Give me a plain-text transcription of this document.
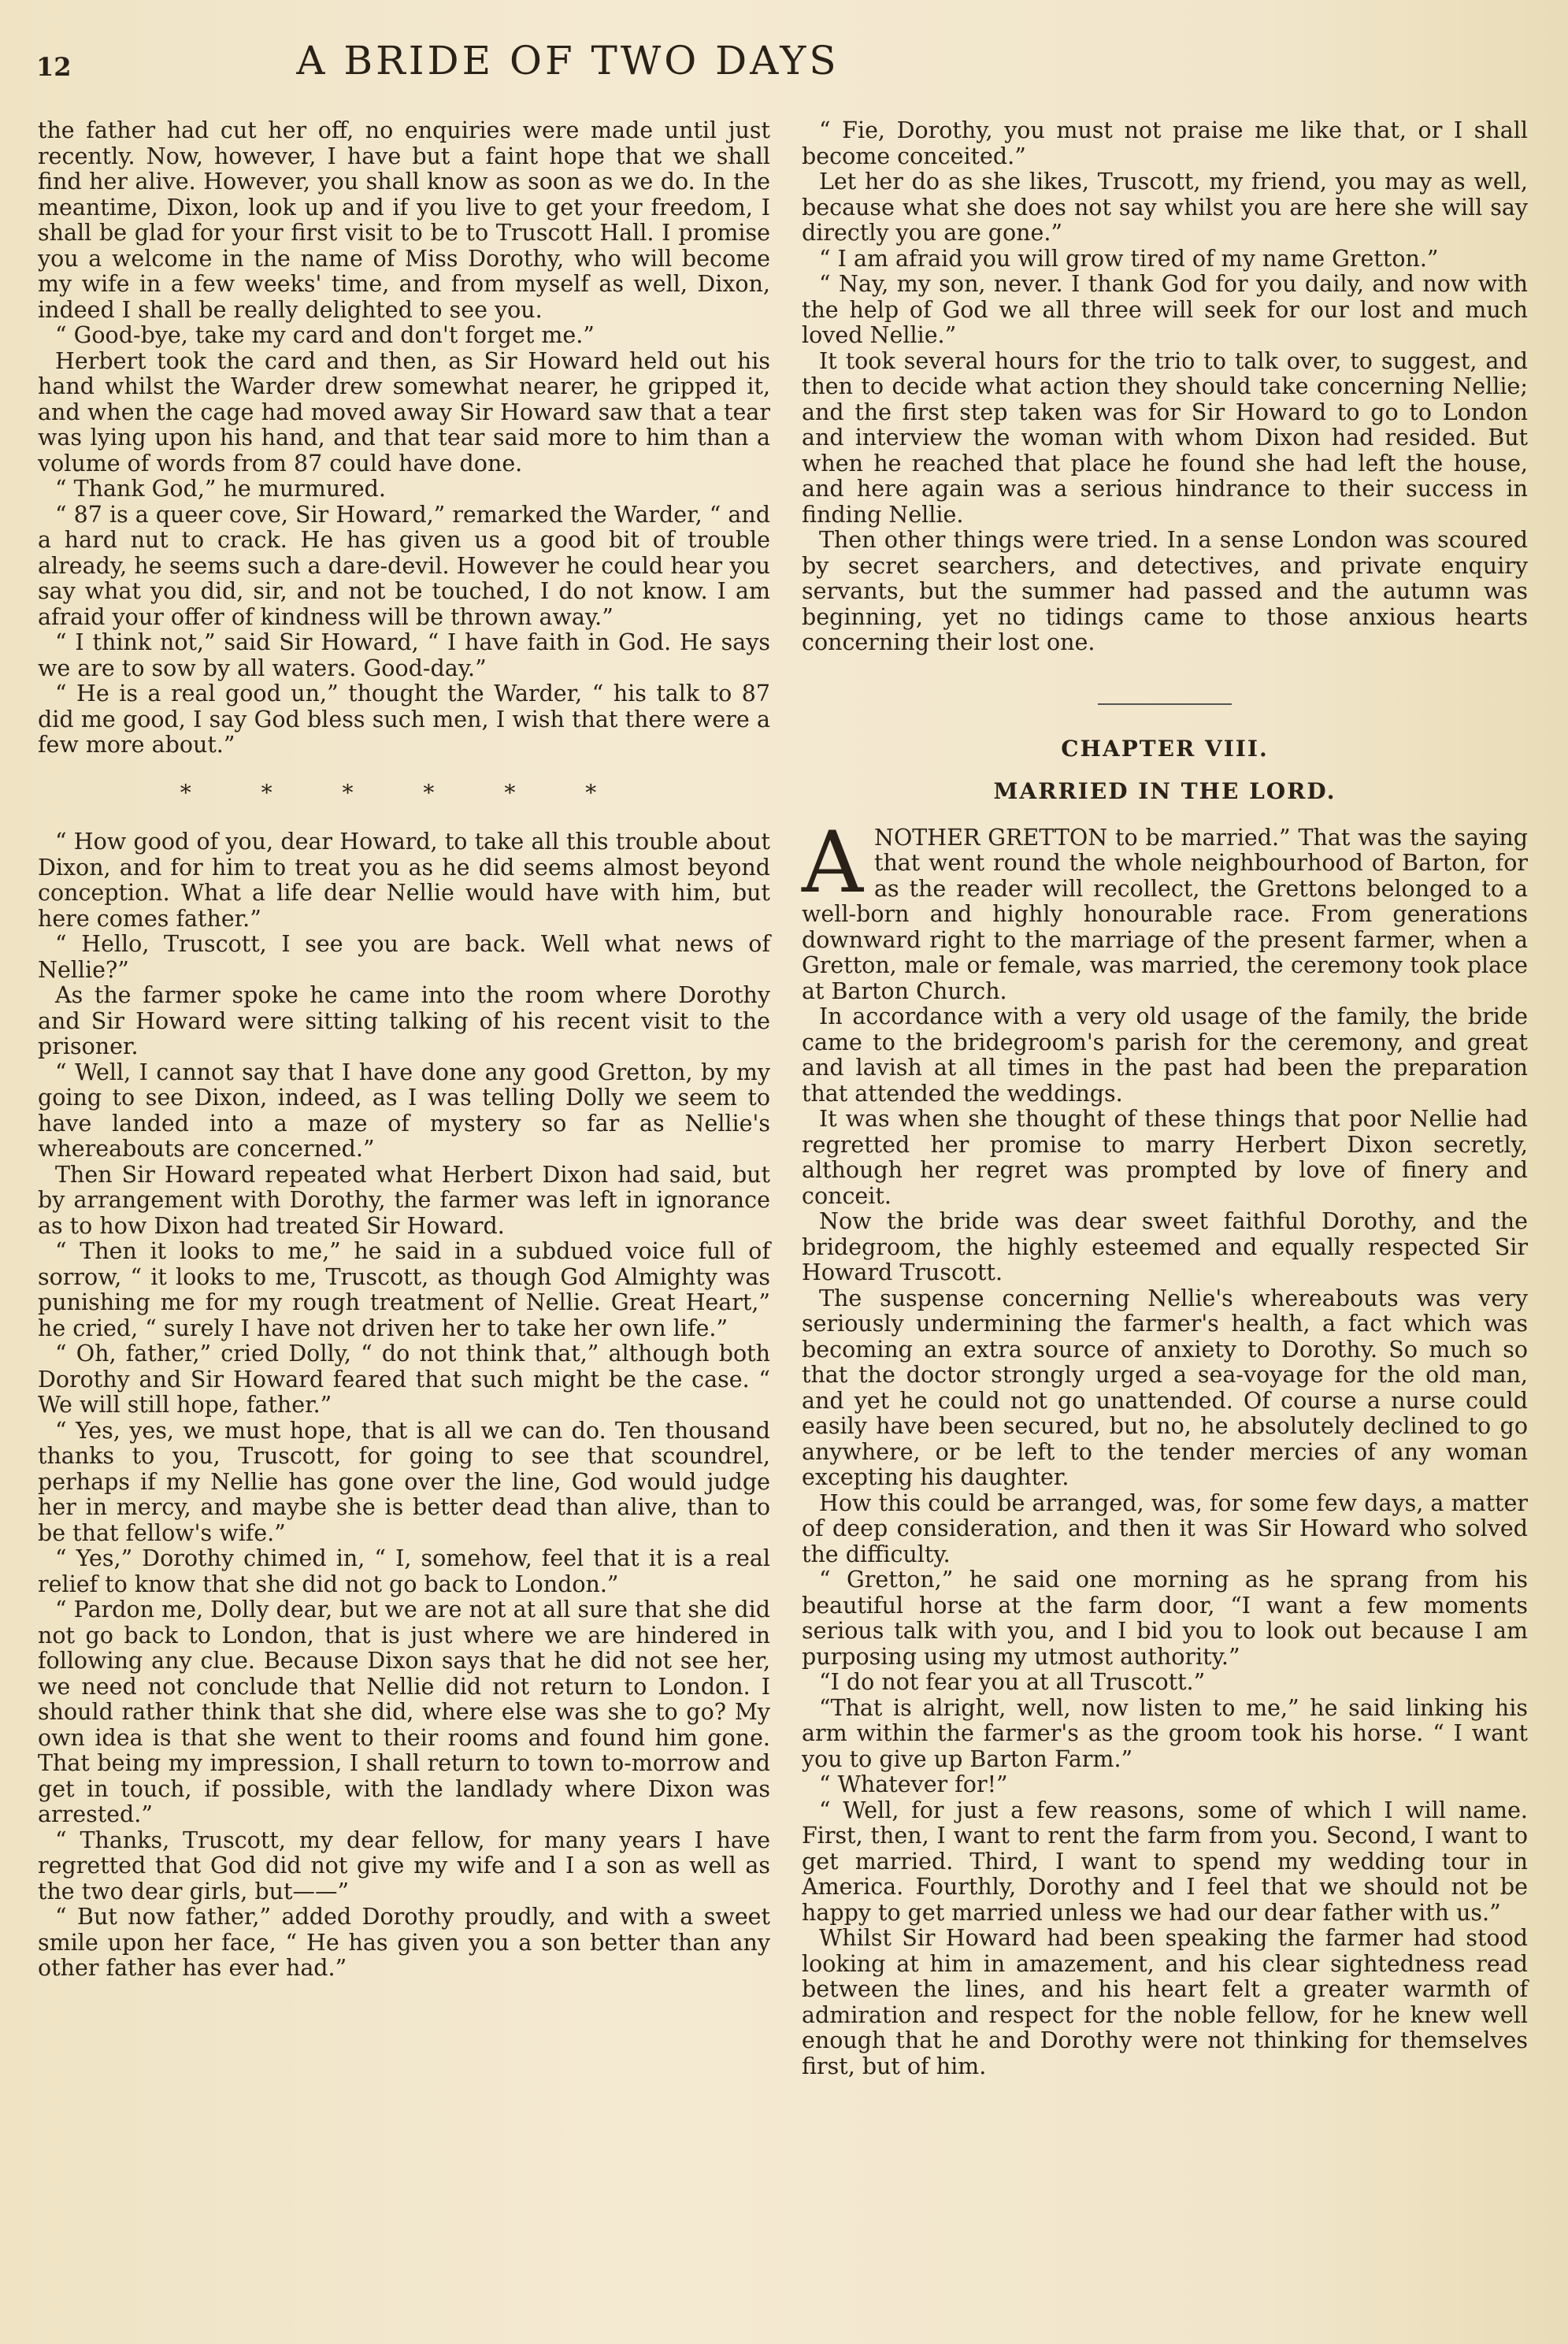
12	A BRIDE OF TWO DAYS

the father had cut her off, no enquiries were made until just recently. Now, however, I have but a faint hope that we shall find her alive. However, you shall know as soon as we do. In the meantime, Dixon, look up and if you live to get your freedom, I shall be glad for your first visit to be to Truscott Hall. I promise you a welcome in the name of Miss Dorothy, who will become my wife in a few weeks' time, and from myself as well, Dixon, indeed I shall be really delighted to see you.

“ Good-bye, take my card and don't forget me.”

Herbert took the card and then, as Sir Howard held out his hand whilst the Warder drew somewhat nearer, he gripped it, and when the cage had moved away Sir Howard saw that a tear was lying upon his hand, and that tear said more to him than a volume of words from 87 could have done.

“ Thank God,” he murmured.

“ 87 is a queer cove, Sir Howard,” remarked the Warder, “ and a hard nut to crack. He has given us a good bit of trouble already, he seems such a dare-devil. However he could hear you say what you did, sir, and not be touched, I do not know. I am afraid your offer of kindness will be thrown away.”

“ I think not,” said Sir Howard, “ I have faith in God. He says we are to sow by all waters. Good-day.”

“ He is a real good un,” thought the Warder, “ his talk to 87 did me good, I say God bless such men, I wish that there were a few more about.”

* * * * * *

“ How good of you, dear Howard, to take all this trouble about Dixon, and for him to treat you as he did seems almost beyond conception. What a life dear Nellie would have with him, but here comes father.”

“ Hello, Truscott, I see you are back. Well what news of Nellie?”

As the farmer spoke he came into the room where Dorothy and Sir Howard were sitting talking of his recent visit to the prisoner.

“ Well, I cannot say that I have done any good Gretton, by my going to see Dixon, indeed, as I was telling Dolly we seem to have landed into a maze of mystery so far as Nellie's whereabouts are concerned.”

Then Sir Howard repeated what Herbert Dixon had said, but by arrangement with Dorothy, the farmer was left in ignorance as to how Dixon had treated Sir Howard.

“ Then it looks to me,” he said in a subdued voice full of sorrow, “ it looks to me, Truscott, as though God Almighty was punishing me for my rough treatment of Nellie. Great Heart,” he cried, “ surely I have not driven her to take her own life.”

“ Oh, father,” cried Dolly, “ do not think that,” although both Dorothy and Sir Howard feared that such might be the case. “ We will still hope, father.”

“ Yes, yes, we must hope, that is all we can do. Ten thousand thanks to you, Truscott, for going to see that scoundrel, perhaps if my Nellie has gone over the line, God would judge her in mercy, and maybe she is better dead than alive, than to be that fellow's wife.”

“ Yes,” Dorothy chimed in, “ I, somehow, feel that it is a real relief to know that she did not go back to London.”

“ Pardon me, Dolly dear, but we are not at all sure that she did not go back to London, that is just where we are hindered in following any clue. Because Dixon says that he did not see her, we need not conclude that Nellie did not return to London. I should rather think that she did, where else was she to go? My own idea is that she went to their rooms and found him gone. That being my impression, I shall return to town to-morrow and get in touch, if possible, with the landlady where Dixon was arrested.”

“ Thanks, Truscott, my dear fellow, for many years I have regretted that God did not give my wife and I a son as well as the two dear girls, but——”

“ But now father,” added Dorothy proudly, and with a sweet smile upon her face, “ He has given you a son better than any other father has ever had.”

“ Fie, Dorothy, you must not praise me like that, or I shall become conceited.”

Let her do as she likes, Truscott, my friend, you may as well, because what she does not say whilst you are here she will say directly you are gone.”

“ I am afraid you will grow tired of my name Gretton.”

“ Nay, my son, never. I thank God for you daily, and now with the help of God we all three will seek for our lost and much loved Nellie.”

It took several hours for the trio to talk over, to suggest, and then to decide what action they should take concerning Nellie; and the first step taken was for Sir Howard to go to London and interview the woman with whom Dixon had resided. But when he reached that place he found she had left the house, and here again was a serious hindrance to their success in finding Nellie.

Then other things were tried. In a sense London was scoured by secret searchers, and detectives, and private enquiry servants, but the summer had passed and the autumn was beginning, yet no tidings came to those anxious hearts concerning their lost one.

CHAPTER VIII.
MARRIED IN THE LORD.
A NOTHER GRETTON to be married.” That was the saying that went round the whole neighbourhood of Barton, for as the reader will recollect, the Grettons belonged to a well-born and highly honourable race. From generations downward right to the marriage of the present farmer, when a Gretton, male or female, was married, the ceremony took place at Barton Church.

In accordance with a very old usage of the family, the bride came to the bridegroom's parish for the ceremony, and great and lavish at all times in the past had been the preparation that attended the weddings.

It was when she thought of these things that poor Nellie had regretted her promise to marry Herbert Dixon secretly, although her regret was prompted by love of finery and conceit.

Now the bride was dear sweet faithful Dorothy, and the bridegroom, the highly esteemed and equally respected Sir Howard Truscott.

The suspense concerning Nellie's whereabouts was very seriously undermining the farmer's health, a fact which was becoming an extra source of anxiety to Dorothy. So much so that the doctor strongly urged a sea-voyage for the old man, and yet he could not go unattended. Of course a nurse could easily have been secured, but no, he absolutely declined to go anywhere, or be left to the tender mercies of any woman excepting his daughter.

How this could be arranged, was, for some few days, a matter of deep consideration, and then it was Sir Howard who solved the difficulty.

“ Gretton,” he said one morning as he sprang from his beautiful horse at the farm door, “I want a few moments serious talk with you, and I bid you to look out because I am purposing using my utmost authority.”

“I do not fear you at all Truscott.”

“That is alright, well, now listen to me,” he said linking his arm within the farmer's as the groom took his horse. “ I want you to give up Barton Farm.”

“ Whatever for!”

“ Well, for just a few reasons, some of which I will name. First, then, I want to rent the farm from you. Second, I want to get married. Third, I want to spend my wedding tour in America. Fourthly, Dorothy and I feel that we should not be happy to get married unless we had our dear father with us.”

Whilst Sir Howard had been speaking the farmer had stood looking at him in amazement, and his clear sightedness read between the lines, and his heart felt a greater warmth of admiration and respect for the noble fellow, for he knew well enough that he and Dorothy were not thinking for themselves first, but of him.
